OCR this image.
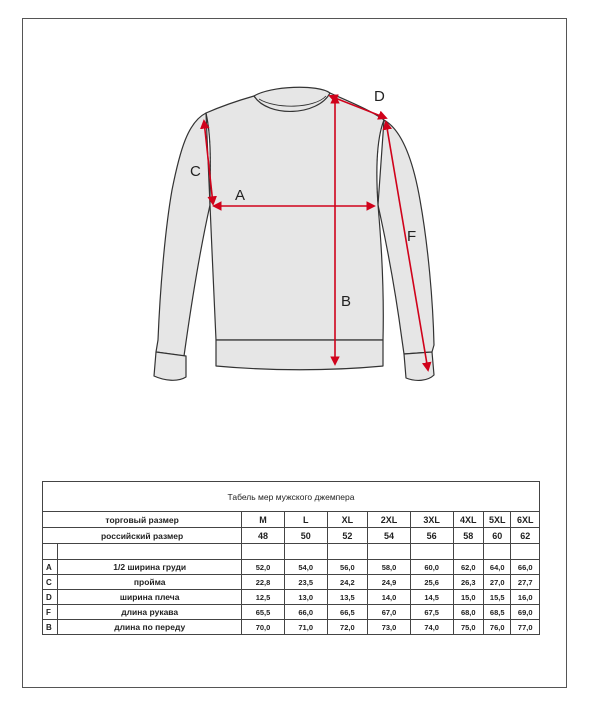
A
B
C
D
F
Табель мер мужского джемпера									
торговый размер		M	L	XL	2XL	3XL	4XL	5XL	6XL
российский размер		48	50	52	54	56	58	60	62

A	1/2 ширина груди	52,0	54,0	56,0	58,0	60,0	62,0	64,0	66,0
C	пройма	22,8	23,5	24,2	24,9	25,6	26,3	27,0	27,7
D	ширина плеча	12,5	13,0	13,5	14,0	14,5	15,0	15,5	16,0
F	длина рукава	65,5	66,0	66,5	67,0	67,5	68,0	68,5	69,0
B	длина по переду	70,0	71,0	72,0	73,0	74,0	75,0	76,0	77,0
